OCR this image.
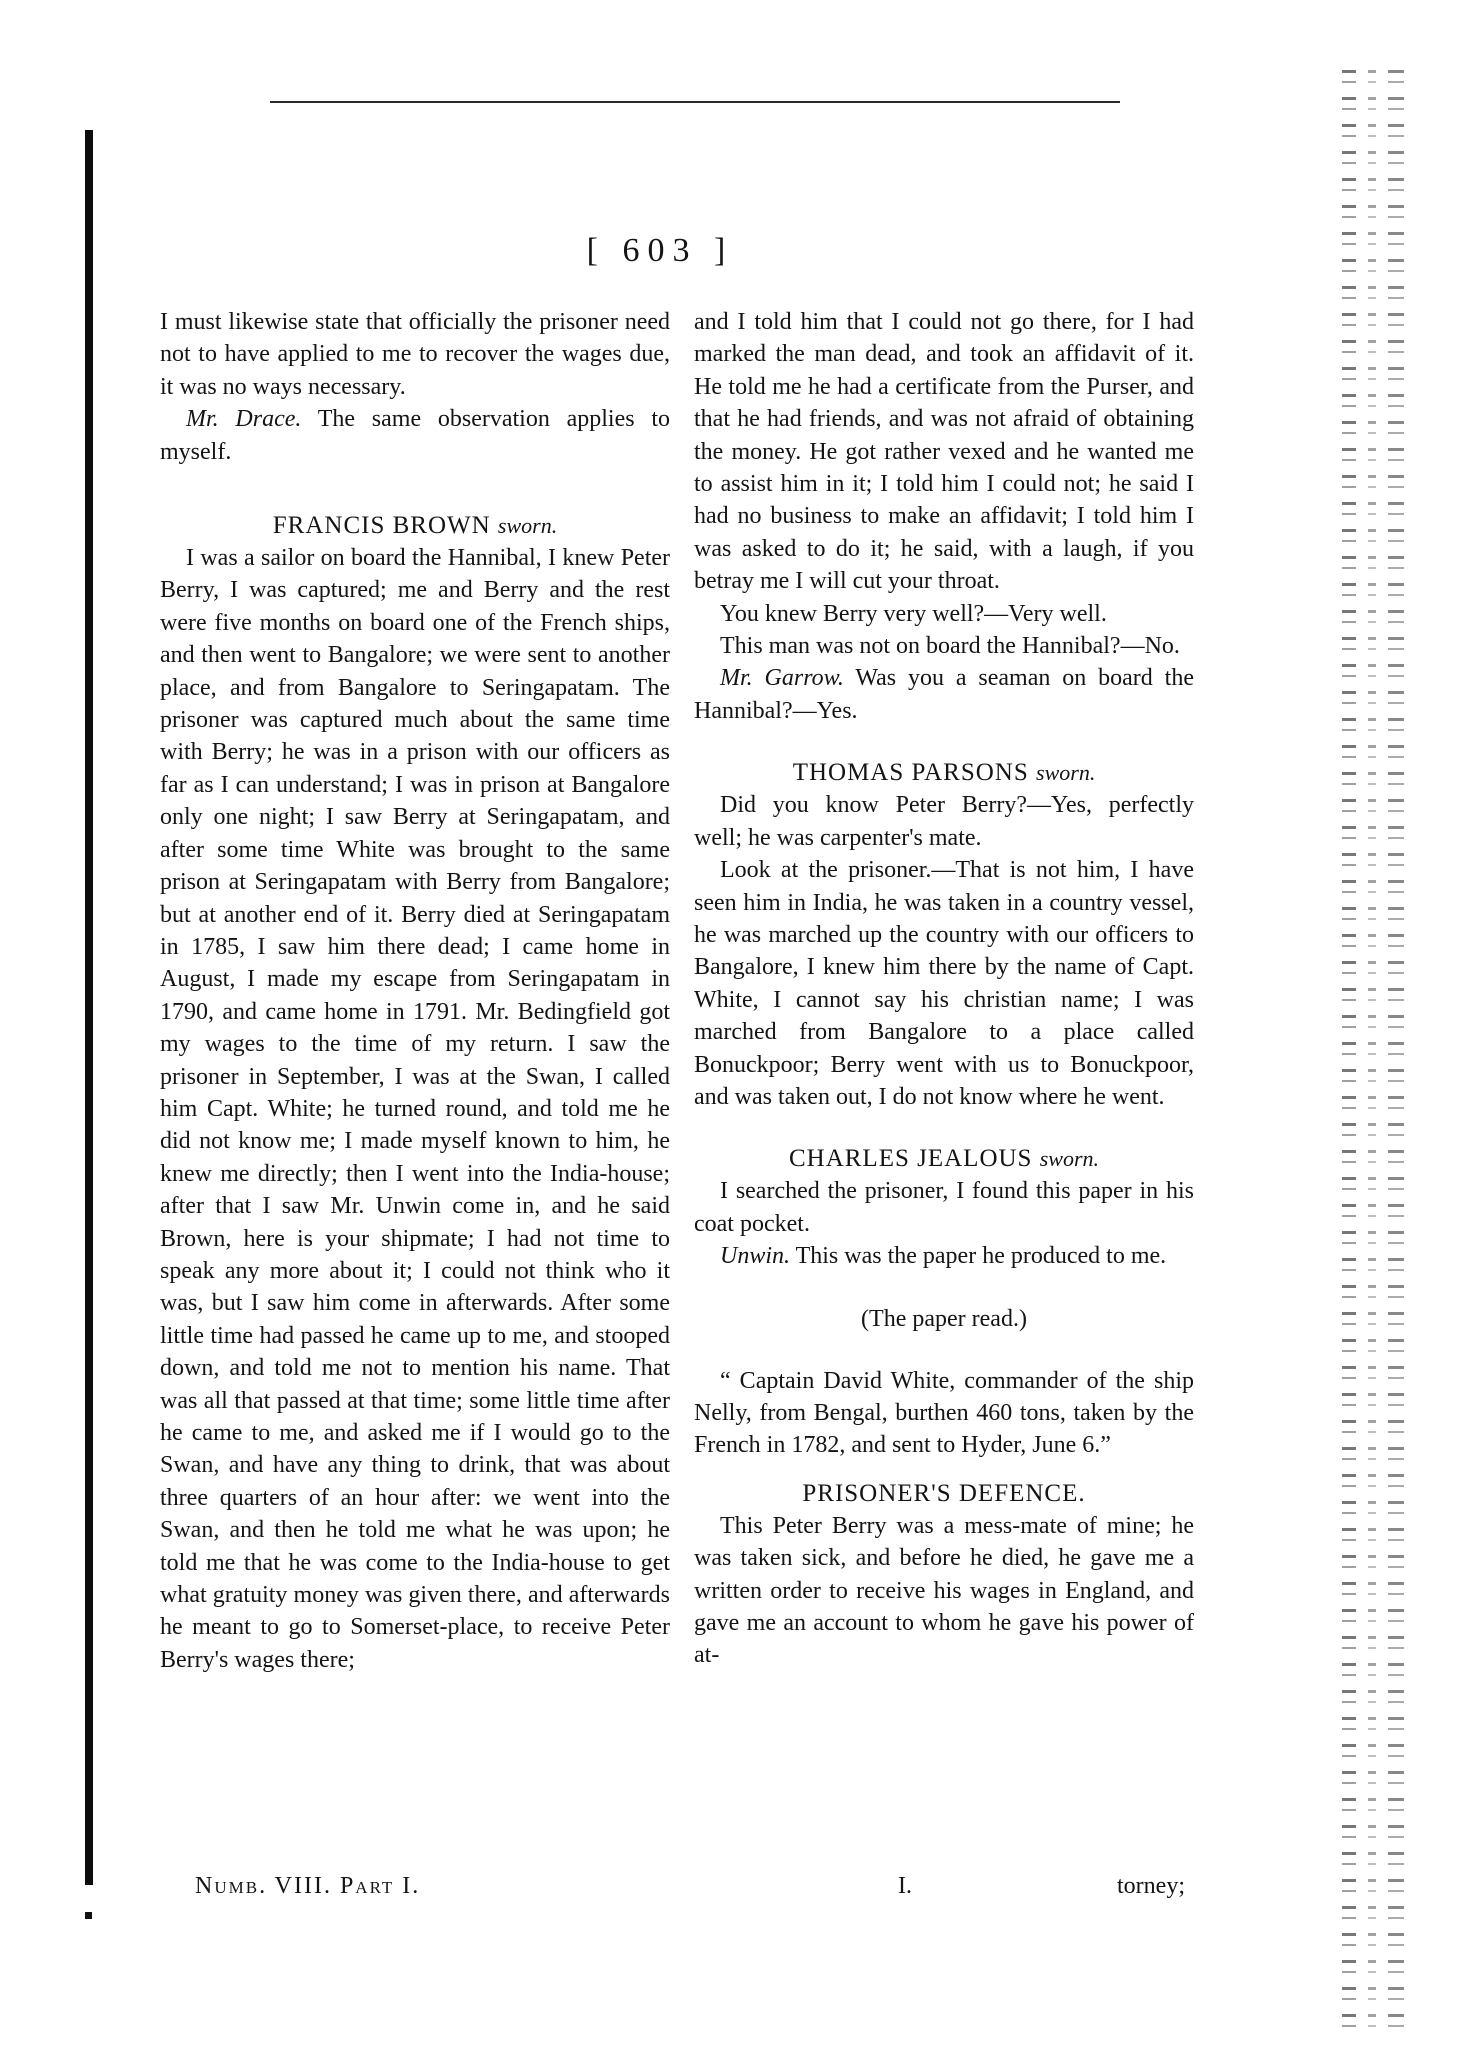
[ 603 ]

I must likewise state that officially the prisoner need not to have applied to me to recover the wages due, it was no ways necessary.

Mr. Drace. The same observation applies to myself.

FRANCIS BROWN sworn.

I was a sailor on board the Hannibal, I knew Peter Berry, I was captured; me and Berry and the rest were five months on board one of the French ships, and then went to Bangalore; we were sent to another place, and from Bangalore to Seringapatam. The prisoner was captured much about the same time with Berry; he was in a prison with our officers as far as I can understand; I was in prison at Bangalore only one night; I saw Berry at Seringapatam, and after some time White was brought to the same prison at Seringapatam with Berry from Bangalore; but at another end of it. Berry died at Seringapatam in 1785, I saw him there dead; I came home in August, I made my escape from Seringapatam in 1790, and came home in 1791. Mr. Bedingfield got my wages to the time of my return. I saw the prisoner in September, I was at the Swan, I called him Capt. White; he turned round, and told me he did not know me; I made myself known to him, he knew me directly; then I went into the India-house; after that I saw Mr. Unwin come in, and he said Brown, here is your shipmate; I had not time to speak any more about it; I could not think who it was, but I saw him come in afterwards. After some little time had passed he came up to me, and stooped down, and told me not to mention his name. That was all that passed at that time; some little time after he came to me, and asked me if I would go to the Swan, and have any thing to drink, that was about three quarters of an hour after: we went into the Swan, and then he told me what he was upon; he told me that he was come to the India-house to get what gratuity money was given there, and afterwards he meant to go to Somerset-place, to receive Peter Berry's wages there;

and I told him that I could not go there, for I had marked the man dead, and took an affidavit of it. He told me he had a certificate from the Purser, and that he had friends, and was not afraid of obtaining the money. He got rather vexed and he wanted me to assist him in it; I told him I could not; he said I had no business to make an affidavit; I told him I was asked to do it; he said, with a laugh, if you betray me I will cut your throat.

You knew Berry very well?—Very well.

This man was not on board the Hannibal?—No.

Mr. Garrow. Was you a seaman on board the Hannibal?—Yes.

THOMAS PARSONS sworn.

Did you know Peter Berry?—Yes, perfectly well; he was carpenter's mate.

Look at the prisoner.—That is not him, I have seen him in India, he was taken in a country vessel, he was marched up the country with our officers to Bangalore, I knew him there by the name of Capt. White, I cannot say his christian name; I was marched from Bangalore to a place called Bonuckpoor; Berry went with us to Bonuckpoor, and was taken out, I do not know where he went.

CHARLES JEALOUS sworn.

I searched the prisoner, I found this paper in his coat pocket.

Unwin. This was the paper he produced to me.

(The paper read.)

“ Captain David White, commander of the ship Nelly, from Bengal, burthen 460 tons, taken by the French in 1782, and sent to Hyder, June 6.”

PRISONER'S DEFENCE.

This Peter Berry was a mess-mate of mine; he was taken sick, and before he died, he gave me a written order to receive his wages in England, and gave me an account to whom he gave his power of at-

Numb. VIII. Part I.	I.	torney;
